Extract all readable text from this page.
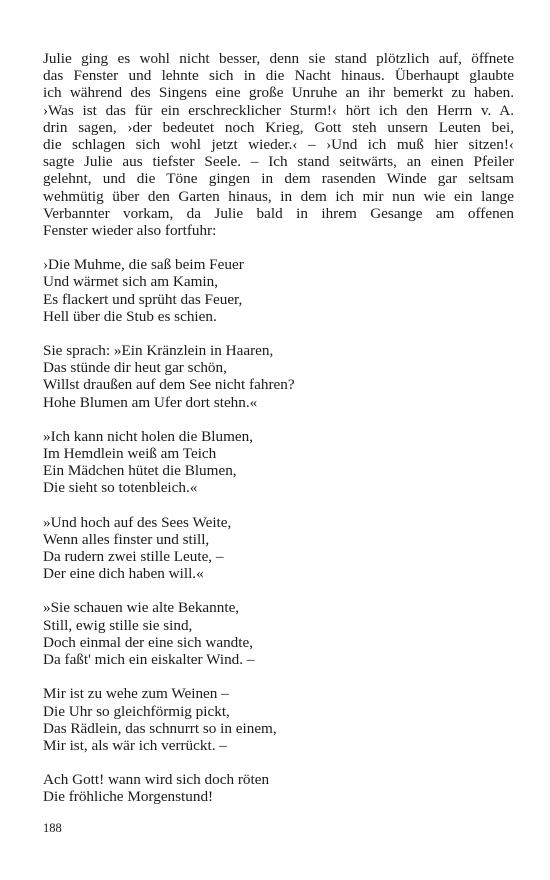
Julie ging es wohl nicht besser, denn sie stand plötzlich auf, öffnete
das Fenster und lehnte sich in die Nacht hinaus. Überhaupt glaubte
ich während des Singens eine große Unruhe an ihr bemerkt zu haben.
›Was ist das für ein erschrecklicher Sturm!‹ hört ich den Herrn v. A.
drin sagen, ›der bedeutet noch Krieg, Gott steh unsern Leuten bei,
die schlagen sich wohl jetzt wieder.‹ – ›Und ich muß hier sitzen!‹
sagte Julie aus tiefster Seele. – Ich stand seitwärts, an einen Pfeiler
gelehnt, und die Töne gingen in dem rasenden Winde gar seltsam
wehmütig über den Garten hinaus, in dem ich mir nun wie ein lange
Verbannter vorkam, da Julie bald in ihrem Gesange am offenen
Fenster wieder also fortfuhr:

›Die Muhme, die saß beim Feuer
Und wärmet sich am Kamin,
Es flackert und sprüht das Feuer,
Hell über die Stub es schien.
Sie sprach: »Ein Kränzlein in Haaren,
Das stünde dir heut gar schön,
Willst draußen auf dem See nicht fahren?
Hohe Blumen am Ufer dort stehn.«
»Ich kann nicht holen die Blumen,
Im Hemdlein weiß am Teich
Ein Mädchen hütet die Blumen,
Die sieht so totenbleich.«
»Und hoch auf des Sees Weite,
Wenn alles finster und still,
Da rudern zwei stille Leute, –
Der eine dich haben will.«
»Sie schauen wie alte Bekannte,
Still, ewig stille sie sind,
Doch einmal der eine sich wandte,
Da faßt' mich ein eiskalter Wind. –
Mir ist zu wehe zum Weinen –
Die Uhr so gleichförmig pickt,
Das Rädlein, das schnurrt so in einem,
Mir ist, als wär ich verrückt. –
Ach Gott! wann wird sich doch röten
Die fröhliche Morgenstund!
188
